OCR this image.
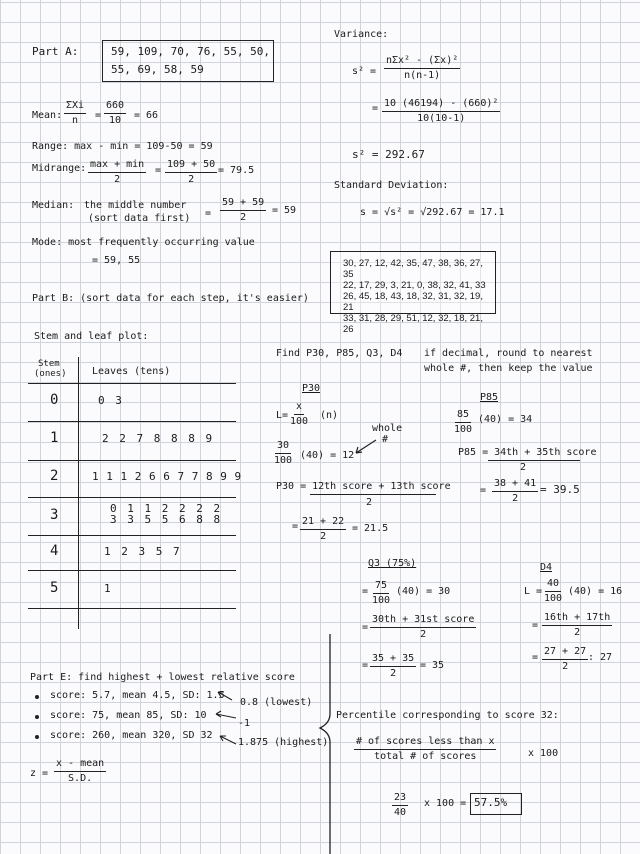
Part A:	59, 109, 70, 76, 55, 50,
55, 69, 58, 59
Mean:
ΣXi
$n = \frac{660}{10} = 66$
Range: max - min = 109-50 = 59
Midrange: max + min
2
= $\frac{109 + 50}{2} = 79.5$
Median: the middle number
(sort data first) = $\frac{59 + 59}{2} = 59$
Mode: most frequently occurring value
= 59, 55
Part B: (sort data for each step, it's easier)
Variance:
s² =
nΣx² - (Σx)²
n(n-1)
= $\frac{\text{10 (46194) - (660)²}}{10(10-1)}$
s² = 292.67
Standard Deviation:
s = √s² = √292.67 = 17.1
30, 27, 12, 42, 35, 47, 38, 36, 27, 35
22, 17, 29, 3, 21, 0, 38, 32, 41, 33
26, 45, 18, 43, 18, 32, 31, 32, 19, 21
33, 31, 28, 29, 51, 12, 32, 18, 21, 26
Stem and leaf plot:
Stem
(ones)	Leaves (tens)
0	0 3
1	2 2 7 8 8 8 9
2	1 1 1 2 6 6 7 7 8 9 9
3	0 1 1 2 2 2 2
3 3 5 5 6 8 8
4	1 2 3 5 7
5	1
Find P30, P85, Q3, D4 if decimal, round to nearest
whole #, then keep the value
P30
$L= \frac{x}{100} (n)$
whole
#
$\frac{30}{100} (40) = 12$
P30 = 12th score + 13th score
2
= $\frac{21 + 22}{2} = 21.5$
P85
$\frac{85}{100} (40) = 34$
P85 = 34th + 35th score
2
= $\frac{38 + 41}{2} = 39.5$
Q3 (75%)
= $\frac{75}{100} (40) = 30$
=
30th + 31st score
2
= $\frac{35 + 35}{2} = 35$
D4
$L = \frac{40}{100} (40) = 16$
= $\frac{16th + 17th}{2}$
= $\frac{27 + 27}{2}$ : 27
Part E: find highest + lowest relative score
score: 5.7, mean 4.5, SD: 1.5
score: 75, mean 85, SD: 10
score: 260, mean 320, SD 32
0.8 (lowest)
-1
1.875 (highest)
z =
x - mean
S.D.
Percentile corresponding to score 32:
# of scores less than x
total # of scores	x 100
$\frac{23}{40}$ x 100 = 57.5%
